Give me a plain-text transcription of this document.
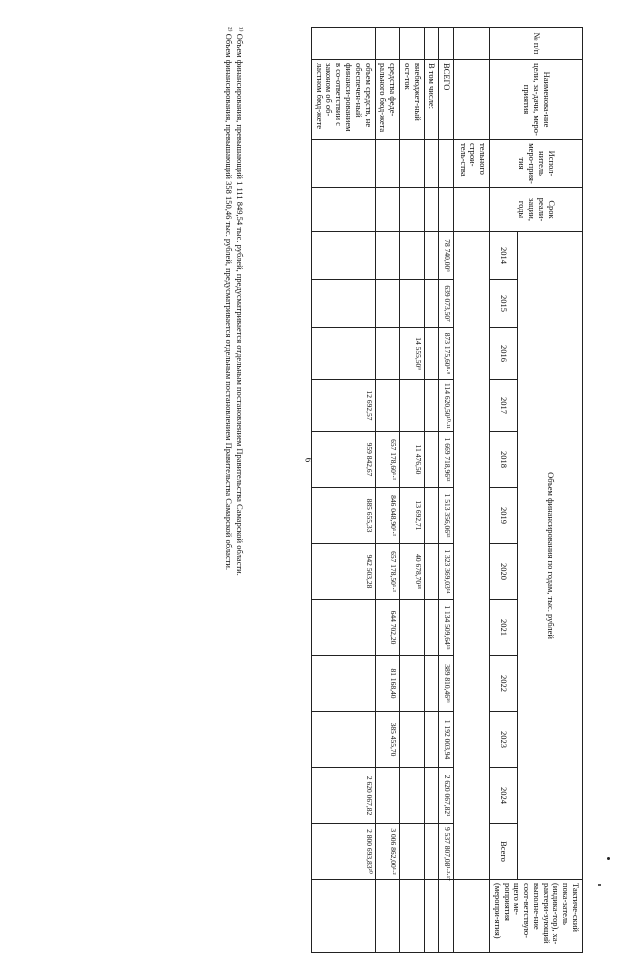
6
№ п/п	Наименова-ние цели, за-дачи, меро-приятия	Испол-нитель меро-прия-тия	Срок реали-зации, годы	Объем финансирования по годам, тыс. рублей												Тактиче-ский пока-затель (индика-тор), ха-рактери-зующий выполне-ние соот-ветствую-щего ме-роприятия (меропри-ятия)
				2014	2015	2016	2017	2018	2019	2020	2021	2022	2023	2024	Всего	
		тельного строи-тель-ства														
	ВСЕГО			78 740,00⁶	639 073,50⁷	873 175,60⁸·⁹	114 620,50¹⁰·¹¹	1 669 718,96¹²	1 513 356,06¹³	1 323 369,03¹⁴	1 134 509,64¹⁵	389 810,46¹⁶	1 192 003,94	2 620 067,82¹	9 537 807,08¹·²·¹⁷	
	В том числе:															
	внебюджет-ный ост-ток					14 555,50⁹		11 476,50	13 692,71	40 678,70¹⁸						
	средства феде-рального бюд-жета							657 178,60¹·³	846 048,90¹·³	657 178,50¹·³	644 702,20	81 168,40	385 455,70		3 006 862,00¹·²	
	объем средств, не обеспечен-ный финанси-рованием в со-ответствии с законом об об-ластном бюд-жете						12 692,57	959 842,67	885 655,33	942 503,28				2 620 067,82	2 800 693,83²⁰	
¹⁾ Объем финансирования, превышающий 1 111 849,54 тыс. рублей, предусматривается отдельным постановлением Правительства Самарской области.
²⁾ Объем финансирования, превышающий 358 150,46 тыс. рублей, предусматривается отдельным постановлением Правительства Самарской области.
